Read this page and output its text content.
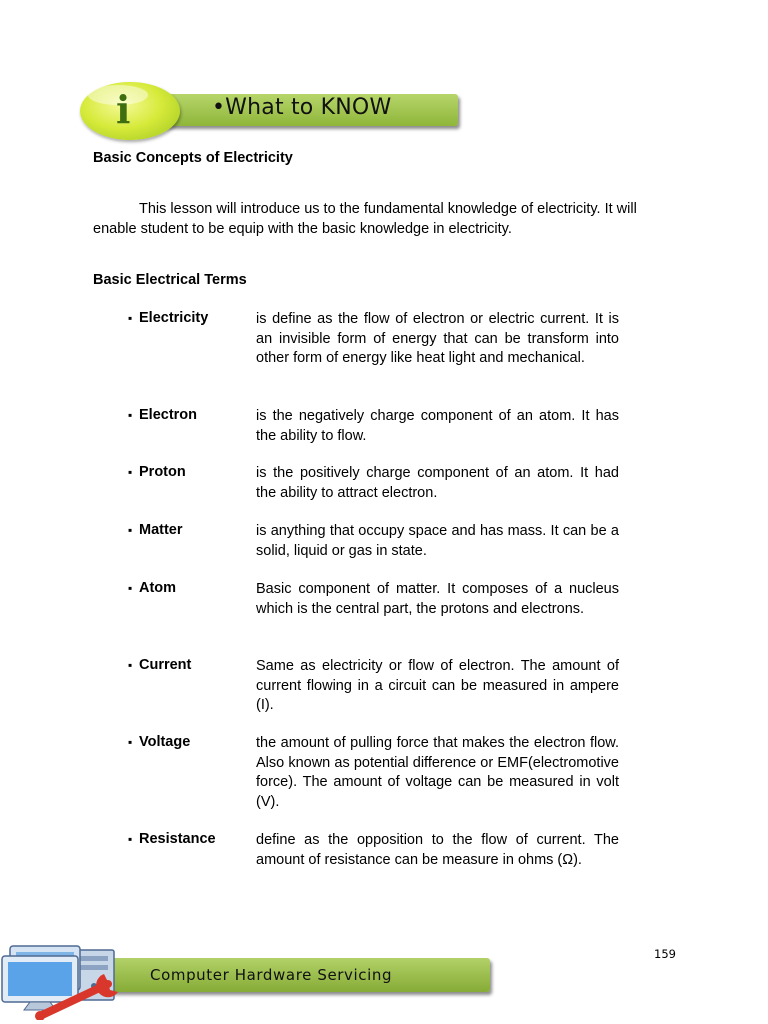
•What to KNOW
i
Basic Concepts of Electricity
This lesson will introduce us to the fundamental knowledge of electricity. It will
enable student to be equip with the basic knowledge in electricity.
Basic Electrical Terms
▪ Electricity	is define as the flow of electron or electric current. It is an invisible form of energy that can be transform into other form of energy like heat light and mechanical.
▪ Electron	is the negatively charge component of an atom. It has the ability to flow.
▪ Proton	is the positively charge component of an atom. It had the ability to attract electron.
▪ Matter	is anything that occupy space and has mass. It can be a solid, liquid or gas in state.
▪ Atom	Basic component of matter. It composes of a nucleus which is the central part, the protons and electrons.
▪ Current	Same as electricity or flow of electron. The amount of current flowing in a circuit can be measured in ampere (I).
▪ Voltage	the amount of pulling force that makes the electron flow. Also known as potential difference or EMF(electromotive force). The amount of voltage can be measured in volt (V).
▪ Resistance	define as the opposition to the flow of current. The amount of resistance can be measure in ohms (Ω).
159
Computer Hardware Servicing
